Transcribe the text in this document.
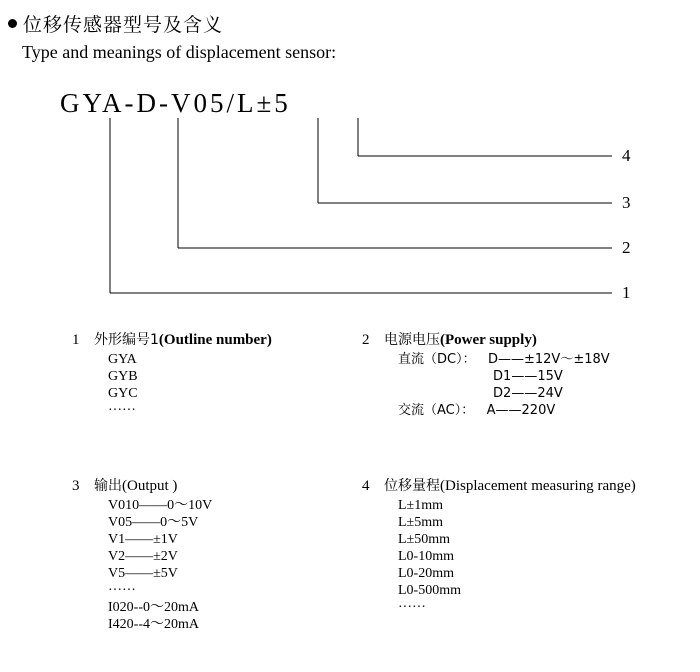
位移传感器型号及含义
Type and meanings of displacement sensor:
GYA-D-V05/L±5
4
3
2
1
1 外形编号1(Outline number)
GYA
GYB
GYC
······
2 电源电压(Power supply)
直流（DC）：   D——±12V～±18V
D1——15V
D2——24V
交流（AC）：   A——220V
3 输出(Output )
V010——0～10V
V05——0～5V
V1——±1V
V2——±2V
V5——±5V
······
I020--0～20mA
I420--4～20mA
4 位移量程(Displacement measuring range)
L±1mm
L±5mm
L±50mm
L0-10mm
L0-20mm
L0-500mm
······
